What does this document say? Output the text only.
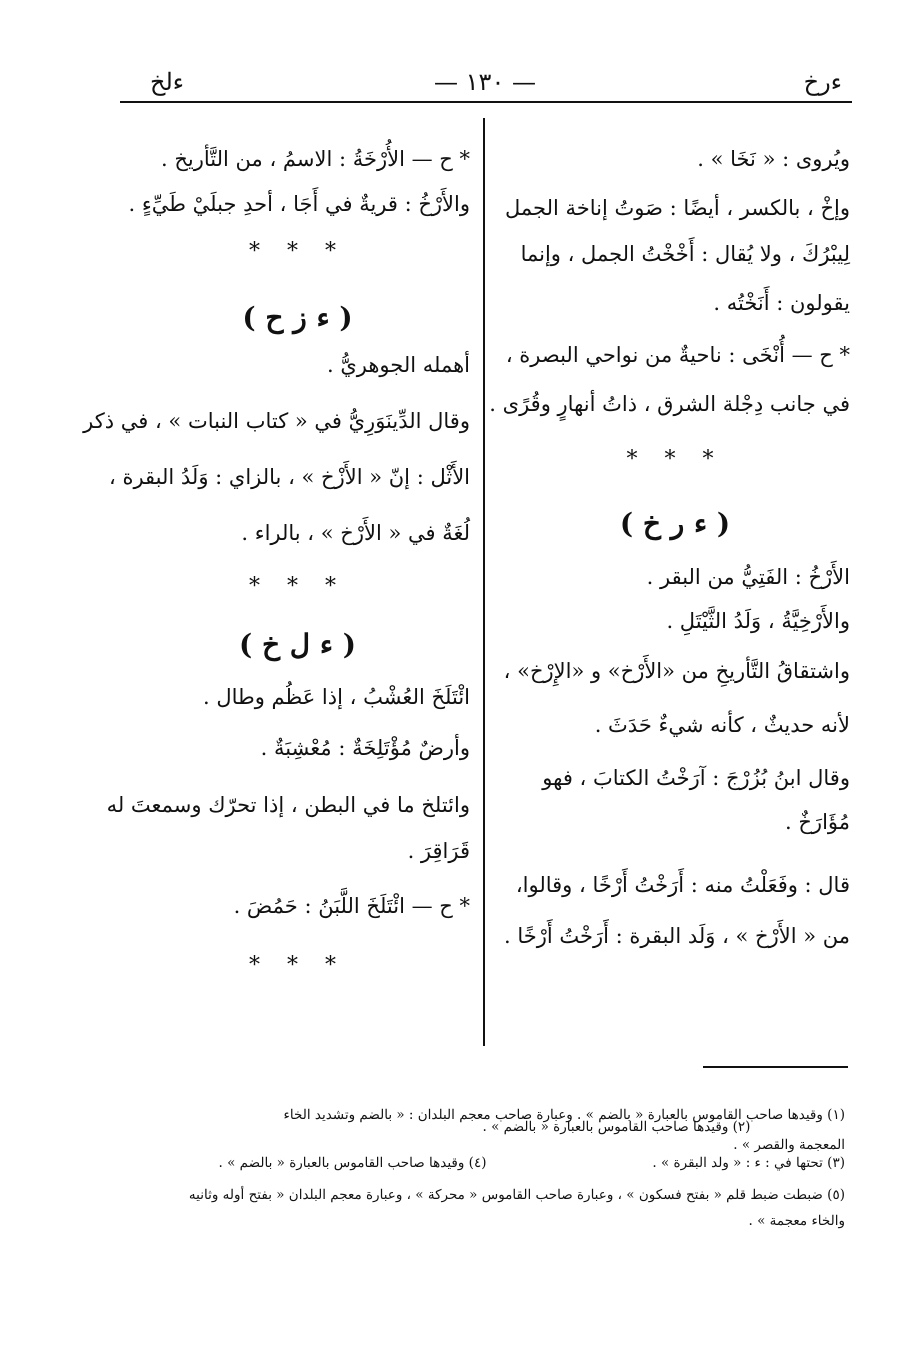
ءرخ
— ١٣٠ —
ءلخ
ويُروى : « نَخَا » .
وإخْ ، بالكسر ، أيضًا : صَوتُ إناخة الجمل
لِيبْرُكَ ، ولا يُقال : أَخْخْتُ الجمل ، وإنما
يقولون : أَنَخْتُه .
* ح — أُنْخَى : ناحيةٌ من نواحي البصرة ،
في جانب دِجْلة الشرق ، ذاتُ أنهارٍ وقُرًى .
* * *
( ء ر خ )
الأَرْخُ : الفَتِيُّ من البقر .
والأَرْخِيَّةُ ، وَلَدُ الثَّيْتَلِ .
واشتقاقُ التَّأريخِ من «الأَرْخ» و «الإِرْخ» ،
لأنه حديثٌ ، كأنه شيءٌ حَدَثَ .
وقال ابنُ بُزُرْجَ : آرَخْتُ الكتابَ ، فهو
مُؤَارَخٌ .
قال : وفَعَلْتُ منه : أَرَخْتُ أَرْخًا ، وقالوا،
من « الأَرْخ » ، وَلَد البقرة : أَرَخْتُ أَرْخًا .
* ح — الأُرْخَةُ : الاسمُ ، من التَّأريخ .
والأَرْخُ : قريةٌ في أَجَا ، أحدِ جبلَيْ طَيِّءٍ .
* * *
( ء ز ح )
أهمله الجوهريُّ .
وقال الدِّينَوَرِيُّ في « كتاب النبات » ، في ذكر
الأَثْل : إنّ « الأَزْخ » ، بالزاي : وَلَدُ البقرة ،
لُغَةٌ في « الأَرْخ » ، بالراء .
* * *
( ء ل خ )
ائْتَلَخَ العُشْبُ ، إذا عَظُم وطال .
وأرضٌ مُؤْتَلِخَةٌ : مُعْشِبَةٌ .
وائتلخ ما في البطن ، إذا تحرّك وسمعتَ له
قَرَاقِرَ .
* ح — ائْتَلَخَ اللَّبَنُ : حَمُضَ .
* * *
(١) وقيدها صاحب القاموس بالعبارة « بالضم » . وعبارة صاحب معجم البلدان : « بالضم وتشديد الخاء
المعجمة والقصر » .
(٢) وقيدها صاحب القاموس بالعبارة « بالضم » .
(٣) تحتها في : ء : « ولد البقرة » .
(٤) وقيدها صاحب القاموس بالعبارة « بالضم » .
(٥) ضبطت ضبط قلم « بفتح فسكون » ، وعبارة صاحب القاموس « محركة » ، وعبارة معجم البلدان « بفتح أوله وثانيه
والخاء معجمة » .
